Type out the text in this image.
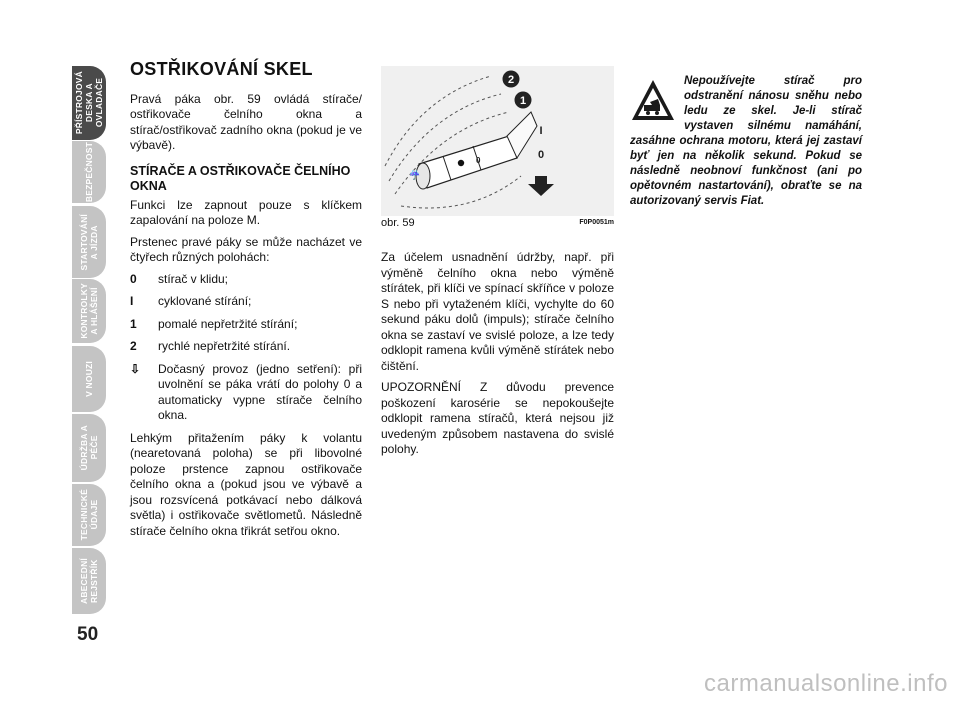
PŘÍSTROJOVÁ
DESKA A
OVLADAČE
BEZPEČNOST
STARTOVÁNÍ
A JÍZDA
KONTROLKY
A HLÁŠENÍ
V NOUZI
ÚDRŽBA A
PÉČE
TECHNICKÉ
ÚDAJE
ABECEDNÍ
REJSTŘÍK
50
OSTŘIKOVÁNÍ SKEL

Pravá páka obr. 59 ovládá stírače/ ostřikovače čelního okna a stírač/ostřikovač zadního okna (pokud je ve výbavě).

STÍRAČE A OSTŘIKOVAČE ČELNÍHO OKNA

Funkci lze zapnout pouze s klíčkem zapalování na poloze M.

Prstenec pravé páky se může nacházet ve čtyřech různých polohách:

0	stírač v klidu;
I	cyklované stírání;
1	pomalé nepřetržité stírání;
2	rychlé nepřetržité stírání.
⇩	Dočasný provoz (jedno setření): při uvolnění se páka vrátí do polohy 0 a automaticky vypne stírače čelního okna.

Lehkým přitažením páky k volantu (nearetovaná poloha) se při libovolné poloze prstence zapnou ostřikovače čelního okna a (pokud jsou ve výbavě a jsou rozsvícená potkávací nebo dálková světla) i ostřikovače světlometů. Následně stírače čelního okna třikrát setřou okno.

0
☔
2
1
I
0
obr. 59	F0P0051m

Za účelem usnadnění údržby, např. při výměně čelního okna nebo výměně stírátek, při klíči ve spínací skříňce v poloze S nebo při vytaženém klíči, vychylte do 60 sekund páku dolů (impuls); stírače čelního okna se zastaví ve svislé poloze, a lze tedy odklopit ramena kvůli výměně stírátek nebo čištění.

UPOZORNĚNÍ Z důvodu prevence poškození karosérie se nepokoušejte odklopit ramena stíračů, která nejsou již uvedeným způsobem nastavena do svislé polohy.

Nepoužívejte stírač pro odstranění nánosu sněhu nebo ledu ze skel. Je-li stírač vystaven silnému namáhání, zasáhne ochrana motoru, která jej zastaví byť jen na několik sekund. Pokud se následně neobnoví funkčnost (ani po opětovném nastartování), obraťte se na autorizovaný servis Fiat.
carmanualsonline.info
